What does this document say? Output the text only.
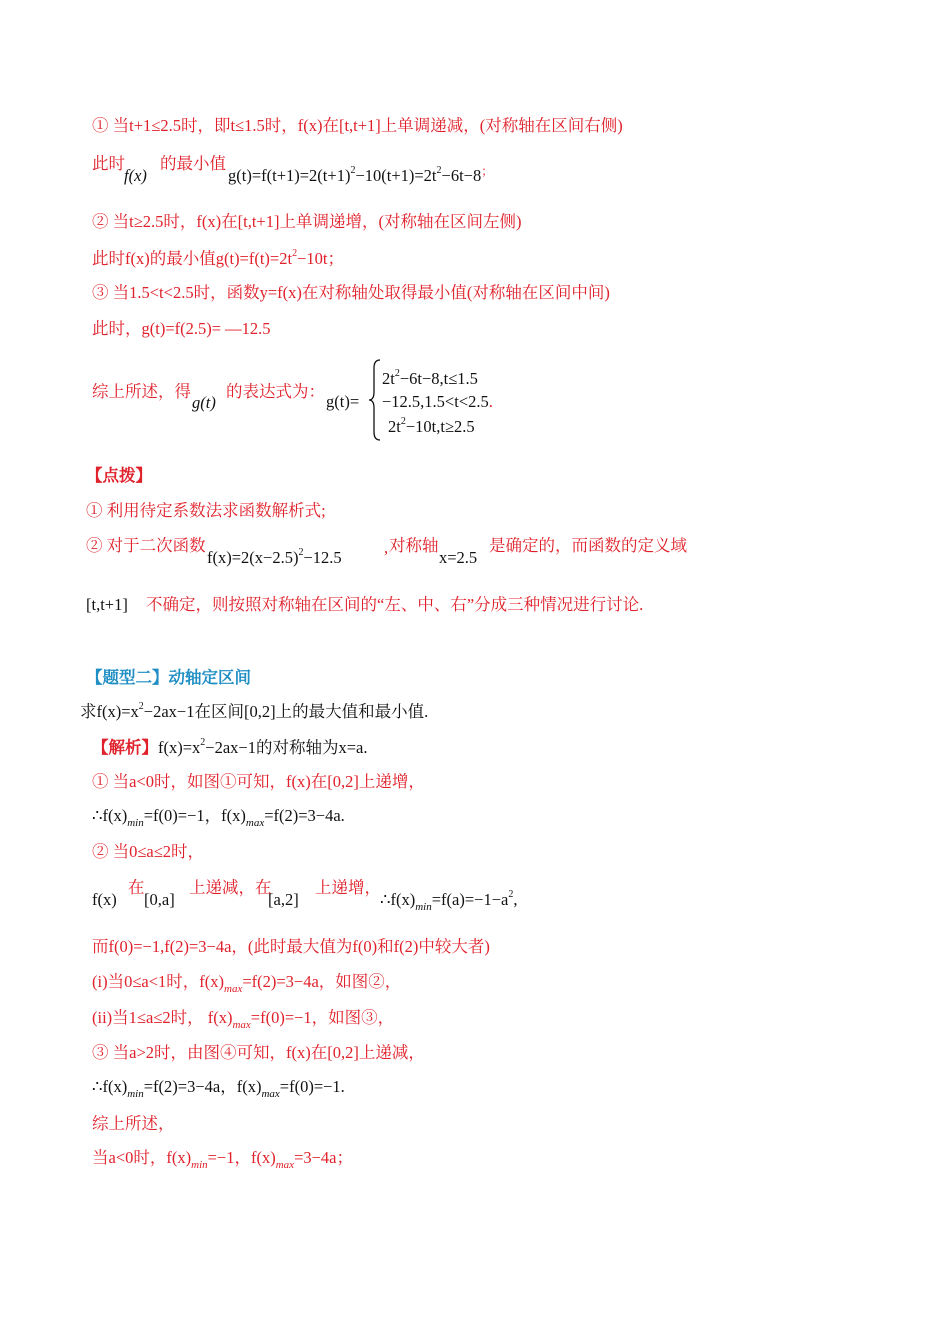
① 当t+1≤2.5时，即t≤1.5时，f(x)在[t,t+1]上单调递减，(对称轴在区间右侧)
此时
f(x)
的最小值
$g(t)=f(t+1)=2(t+1)^2-10(t+1)=2t^2-6t-8^;$
② 当t≥2.5时，f(x)在[t,t+1]上单调递增，(对称轴在区间左侧)
此时f(x)的最小值$g(t)=f(t)=2t^2-10t$；
③ 当1.5<t<2.5时，函数y=f(x)在对称轴处取得最小值(对称轴在区间中间)
此时，g(t)=f(2.5)= —12.5
综上所述，得
g(t)
的表达式为：
g(t)=
$2t^2-6t-8,t\le 1.5$
−12.5,1.5<t<2.5.
$2t^2-10t,t\ge 2.5$
【点拨】
① 利用待定系数法求函数解析式;
② 对于二次函数
$f(x)=2(x-2.5)^2-12.5$
, 对称轴
x=2.5
是确定的，而函数的定义域
[t,t+1] 不确定，则按照对称轴在区间的“左、中、右”分成三种情况进行讨论.
【题型二】动轴定区间
求$f(x)=x^2-2ax-1$在区间[0,2]上的最大值和最小值.
【解析】$f(x)=x^2-2ax-1$的对称轴为x=a.
① 当a<0时，如图①可知，f(x)在[0,2]上递增，
$\therefore f(x)_{min}=f(0)=-1$，$f(x)_{max}=f(2)=3-4a$.
② 当0≤a≤2时，
f(x)
在
[0,a]
上递减，在
[a,2]
上递增，
$\therefore f(x)_{min}=f(a)=-1-a^2$,
而f(0)=−1,f(2)=3−4a，(此时最大值为f(0)和f(2)中较大者)
(i)当0≤a<1时，$f(x)_{max}=f(2)=3-4a$，如图②，
(ii)当1≤a≤2时， $f(x)_{max}=f(0)=-1$，如图③，
③ 当a>2时，由图④可知，f(x)在[0,2]上递减，
$\therefore f(x)_{min}=f(2)=3-4a$，$f(x)_{max}=f(0)=-1$.
综上所述，
当a<0时，$f(x)_{min}=-1$，$f(x)_{max}=3-4a$；
